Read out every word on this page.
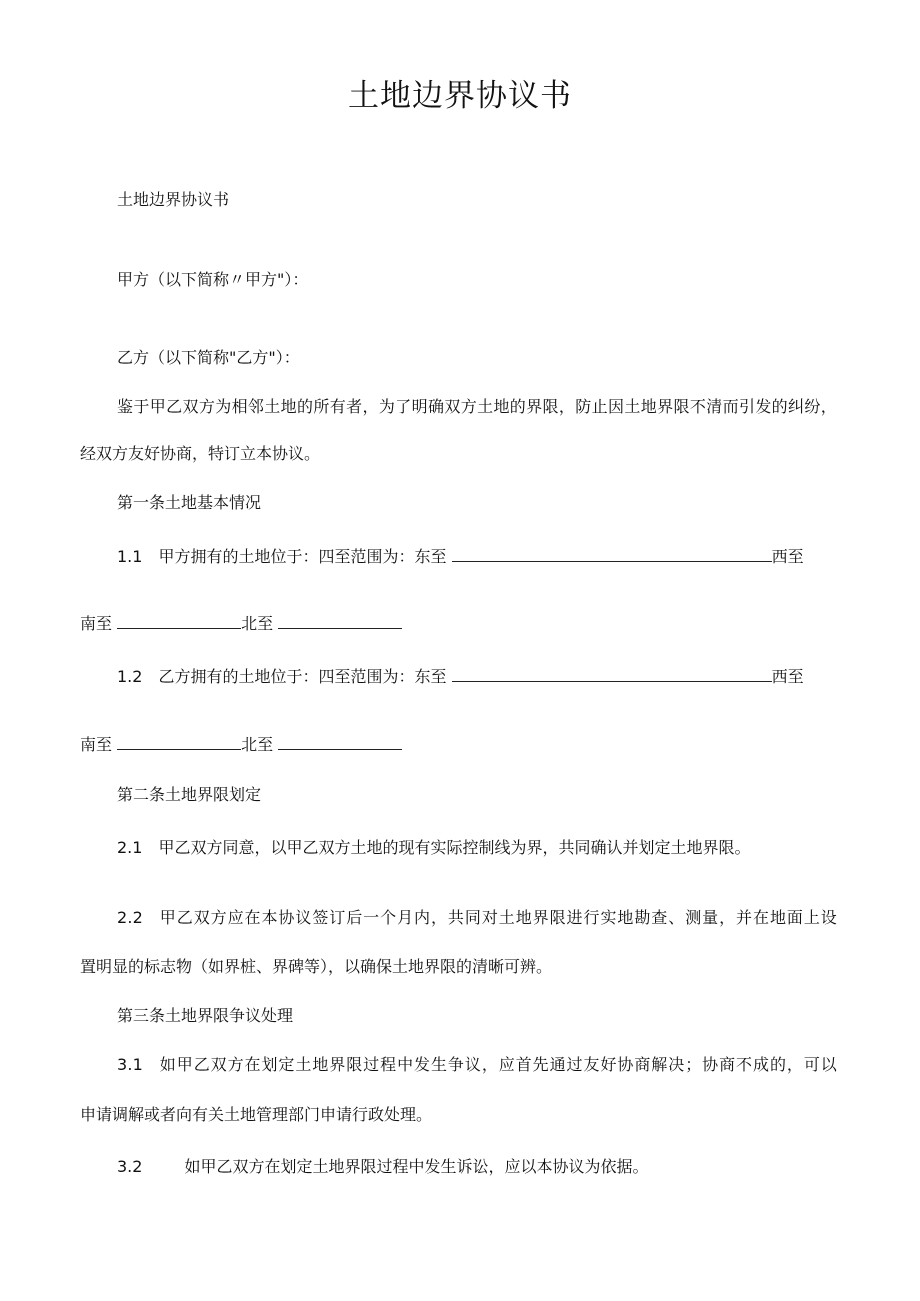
土地边界协议书
土地边界协议书
甲方（以下简称〃甲方"）：
乙方（以下简称"乙方"）：
鉴于甲乙双方为相邻土地的所有者，为了明确双方土地的界限，防止因土地界限不清而引发的纠纷，
经双方友好协商，特订立本协议。
第一条土地基本情况
1.1 甲方拥有的土地位于：四至范围为：东至	西至
南至	北至
1.2 乙方拥有的土地位于：四至范围为：东至	西至
南至	北至
第二条土地界限划定
2.1 甲乙双方同意，以甲乙双方土地的现有实际控制线为界，共同确认并划定土地界限。
2.2 甲乙双方应在本协议签订后一个月内，共同对土地界限进行实地勘查、测量，并在地面上设
置明显的标志物（如界桩、界碑等），以确保土地界限的清晰可辨。
第三条土地界限争议处理
3.1 如甲乙双方在划定土地界限过程中发生争议，应首先通过友好协商解决；协商不成的，可以
申请调解或者向有关土地管理部门申请行政处理。
3.2	如甲乙双方在划定土地界限过程中发生诉讼，应以本协议为依据。
